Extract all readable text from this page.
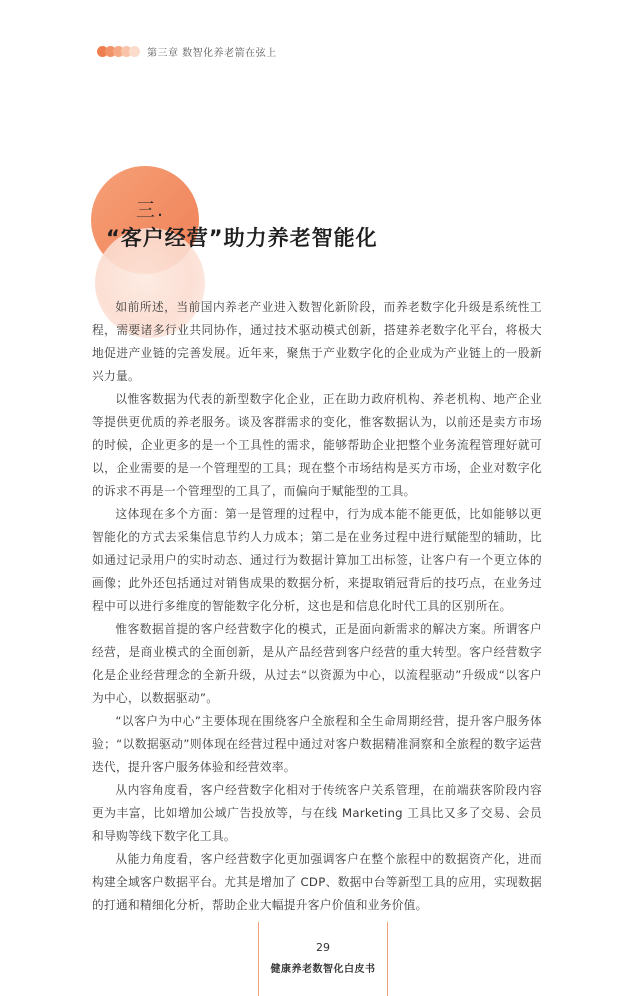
第三章 数智化养老箭在弦上
三.
“客户经营”助力养老智能化

如前所述，当前国内养老产业进入数智化新阶段，而养老数字化升级是系统性工程，需要诸多行业共同协作，通过技术驱动模式创新，搭建养老数字化平台，将极大地促进产业链的完善发展。近年来，聚焦于产业数字化的企业成为产业链上的一股新兴力量。

以惟客数据为代表的新型数字化企业，正在助力政府机构、养老机构、地产企业等提供更优质的养老服务。谈及客群需求的变化，惟客数据认为，以前还是卖方市场的时候，企业更多的是一个工具性的需求，能够帮助企业把整个业务流程管理好就可以，企业需要的是一个管理型的工具；现在整个市场结构是买方市场，企业对数字化的诉求不再是一个管理型的工具了，而偏向于赋能型的工具。

这体现在多个方面：第一是管理的过程中，行为成本能不能更低，比如能够以更智能化的方式去采集信息节约人力成本；第二是在业务过程中进行赋能型的辅助，比如通过记录用户的实时动态、通过行为数据计算加工出标签，让客户有一个更立体的画像；此外还包括通过对销售成果的数据分析，来提取销冠背后的技巧点，在业务过程中可以进行多维度的智能数字化分析，这也是和信息化时代工具的区别所在。

惟客数据首提的客户经营数字化的模式，正是面向新需求的解决方案。所谓客户经营，是商业模式的全面创新，是从产品经营到客户经营的重大转型。客户经营数字化是企业经营理念的全新升级，从过去“以资源为中心，以流程驱动”升级成“以客户为中心，以数据驱动”。

“以客户为中心”主要体现在围绕客户全旅程和全生命周期经营，提升客户服务体验；“以数据驱动”则体现在经营过程中通过对客户数据精准洞察和全旅程的数字运营迭代，提升客户服务体验和经营效率。

从内容角度看，客户经营数字化相对于传统客户关系管理，在前端获客阶段内容更为丰富，比如增加公域广告投放等，与在线 Marketing 工具比又多了交易、会员和导购等线下数字化工具。

从能力角度看，客户经营数字化更加强调客户在整个旅程中的数据资产化，进而构建全域客户数据平台。尤其是增加了 CDP、数据中台等新型工具的应用，实现数据的打通和精细化分析，帮助企业大幅提升客户价值和业务价值。

29
健康养老数智化白皮书
